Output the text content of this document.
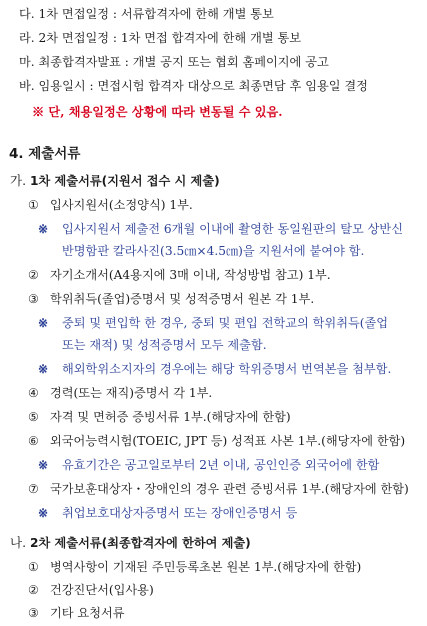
다. 1차 면접일정 : 서류합격자에 한해 개별 통보
라. 2차 면접일정 : 1차 면접 합격자에 한해 개별 통보
마. 최종합격자발표 : 개별 공지 또는 협회 홈페이지에 공고
바. 임용일시 : 면접시험 합격자 대상으로 최종면담 후 임용일 결정
※ 단, 채용일정은 상황에 따라 변동될 수 있음.
4. 제출서류
가. 1차 제출서류(지원서 접수 시 제출)
① 입사지원서(소정양식) 1부.
※ 입사지원서 제출전 6개월 이내에 촬영한 동일원판의 탈모 상반신
반명함판 칼라사진(3.5㎝×4.5㎝)을 지원서에 붙여야 함.
② 자기소개서(A4용지에 3매 이내, 작성방법 참고) 1부.
③ 학위취득(졸업)증명서 및 성적증명서 원본 각 1부.
※ 중퇴 및 편입학 한 경우, 중퇴 및 편입 전학교의 학위취득(졸업
또는 재적) 및 성적증명서 모두 제출함.
※ 해외학위소지자의 경우에는 해당 학위증명서 번역본을 첨부함.
④ 경력(또는 재직)증명서 각 1부.
⑤ 자격 및 면허증 증빙서류 1부.(해당자에 한함)
⑥ 외국어능력시험(TOEIC, JPT 등) 성적표 사본 1부.(해당자에 한함)
※ 유효기간은 공고일로부터 2년 이내, 공인인증 외국어에 한함
⑦ 국가보훈대상자・장애인의 경우 관련 증빙서류 1부.(해당자에 한함)
※ 취업보호대상자증명서 또는 장애인증명서 등
나. 2차 제출서류(최종합격자에 한하여 제출)
① 병역사항이 기재된 주민등록초본 원본 1부.(해당자에 한함)
② 건강진단서(입사용)
③ 기타 요청서류
